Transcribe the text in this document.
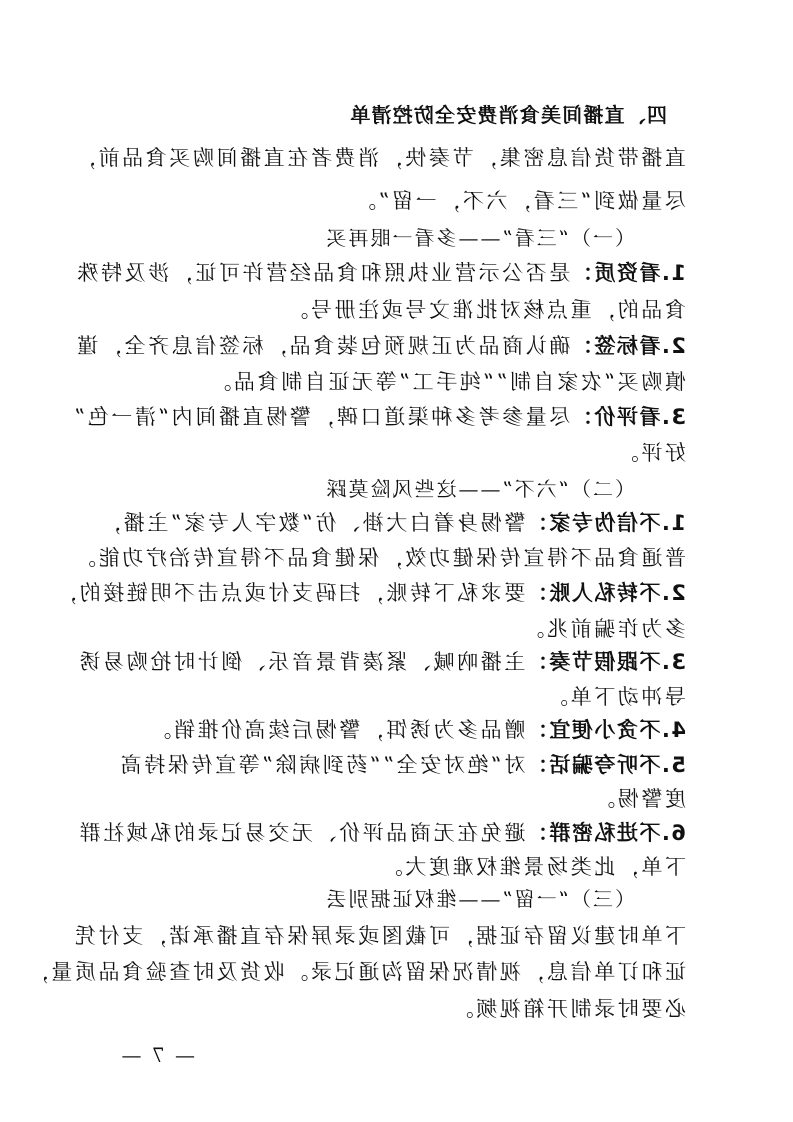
四、直播间美食消费安全防控清单
直播带货信息密集，节奏快，消费者在直播间购买食品前，
尽量做到“三看，六不，一留”。
（一）“三看”——多看一眼再买
1.看资质：是否公示营业执照和食品经营许可证，涉及特殊
食品的，重点核对批准文号或注册号。
2.看标签：确认商品为正规预包装食品，标签信息齐全，谨
慎购买“农家自制”“纯手工”等无证自制食品。
3.看评价：尽量参考多种渠道口碑，警惕直播间内“清一色”
好评。
（二）“六不”——这些风险莫踩
1.不信伪专家：警惕身着白大褂、仿“数字人专家”主播，
普通食品不得宣传保健功效，保健食品不得宣传治疗功能。
2.不转私人账：要求私下转账，扫码支付或点击不明链接的，
多为诈骗前兆。
3.不跟假节奏：主播吶喊、紧凑背景音乐、倒计时抢购易诱
导冲动下单。
4.不贪小便宜：赠品多为诱饵，警惕后续高价推销。
5.不听夸骗话：对“绝对安全”“药到病除”等宣传保持高
度警惕。
6.不进私密群：避免在无商品评价、无交易记录的私域社群
下单，此类场景维权难度大。
（三）“一留”——维权证据别丢
下单时建议留存证据，可截图或录屏保存直播承诺，支付凭
证和订单信息，视情况保留沟通记录。收货及时查验食品质量，
必要时录制开箱视频。
— 7 —
